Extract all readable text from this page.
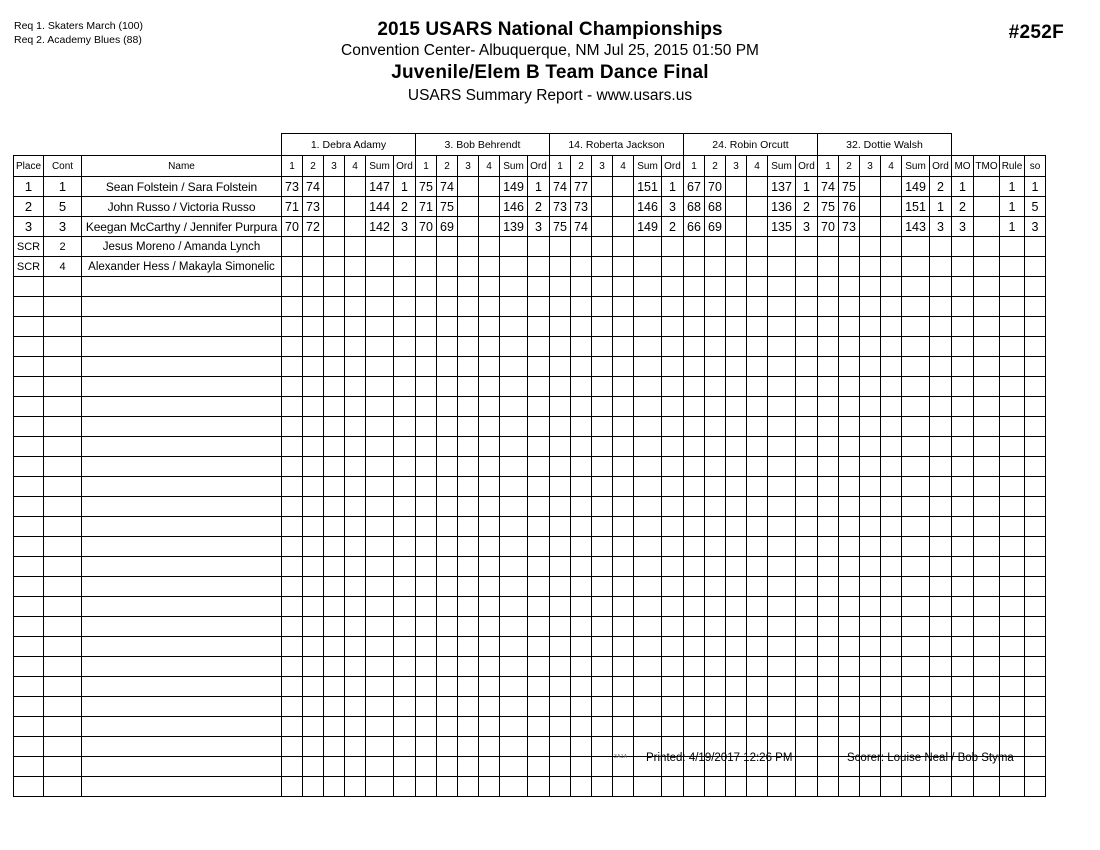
Req 1. Skaters March (100)
Req 2. Academy Blues (88)	2015 USARS National Championships
Convention Center- Albuquerque, NM Jul 25, 2015 01:50 PM
Juvenile/Elem B Team Dance Final
USARS Summary Report - www.usars.us
#252F
			1. Debra Adamy						3. Bob Behrendt						14. Roberta Jackson						24. Robin Orcutt						32. Dottie Walsh									
Place	Cont	Name	1	2	3	4	Sum	Ord	1	2	3	4	Sum	Ord	1	2	3	4	Sum	Ord	1	2	3	4	Sum	Ord	1	2	3	4	Sum	Ord	MO	TMO	Rule	so
1	1	Sean Folstein / Sara Folstein	73	74			147	1	75	74			149	1	74	77			151	1	67	70			137	1	74	75			149	2	1		1	1
2	5	John Russo / Victoria Russo	71	73			144	2	71	75			146	2	73	73			146	3	68	68			136	2	75	76			151	1	2		1	5
3	3	Keegan McCarthy / Jennifer Purpura	70	72			142	3	70	69			139	3	75	74			149	2	66	69			135	3	70	73			143	3	3		1	3
SCR	2	Jesus Moreno / Amanda Lynch																																		
SCR	4	Alexander Hess / Makayla Simonelic																																		

3A1A Printed: 4/19/2017 12:26 PM	Scorer: Louise Neal / Bob Styma
